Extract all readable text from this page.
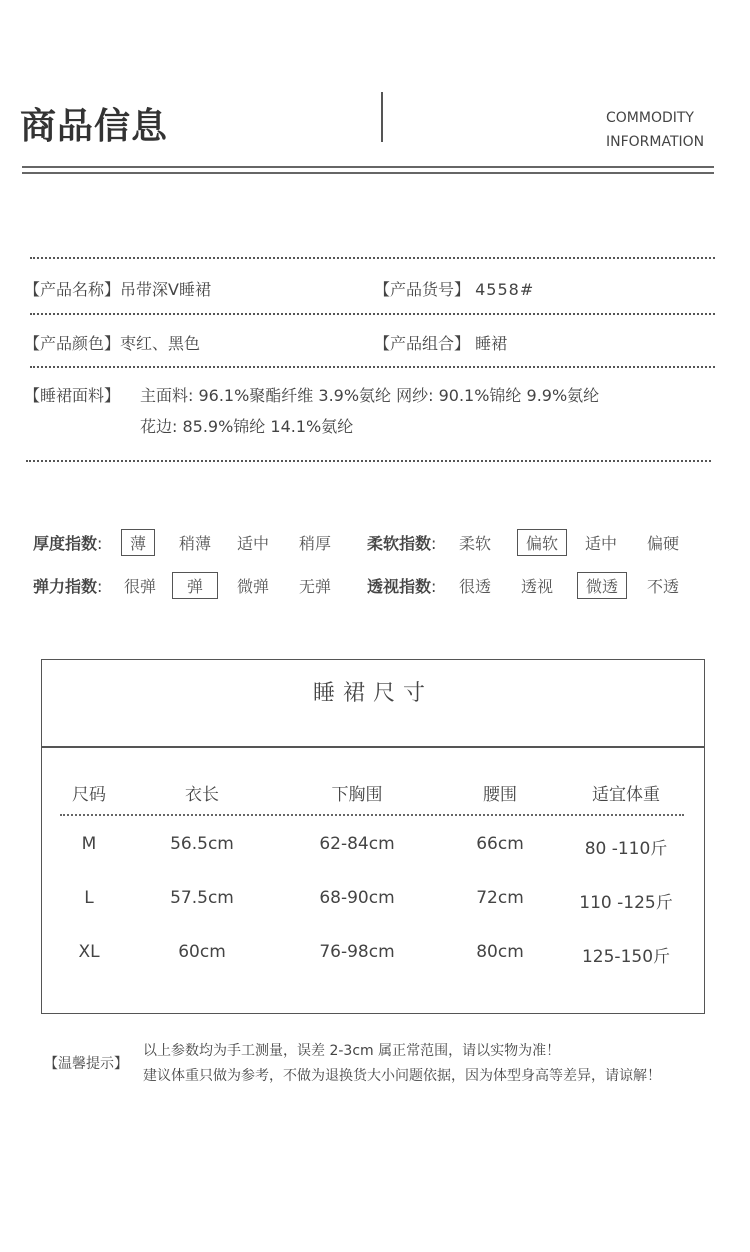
商品信息	COMMODITY
INFORMATION
【产品名称】吊带深V睡裙	【产品货号】 4558#
【产品颜色】枣红、黑色	【产品组合】 睡裙
【睡裙面料】 主面料: 96.1%聚酯纤维 3.9%氨纶 网纱: 90.1%锦纶 9.9%氨纶
花边: 85.9%锦纶 14.1%氨纶
厚度指数:	薄	稍薄 适中 稍厚 柔软指数: 柔软	偏软	适中 偏硬
弹力指数: 很弹	弹	微弹 无弹 透视指数: 很透 透视	微透	不透
睡裙尺寸
尺码	衣长	下胸围	腰围	适宜体重
M	56.5cm	62-84cm	66cm	80 -110斤
L	57.5cm	68-90cm	72cm	110 -125斤
XL	60cm	76-98cm	80cm	125-150斤
【温馨提示】
以上参数均为手工测量，误差 2-3cm 属正常范围，请以实物为准！
建议体重只做为参考，不做为退换货大小问题依据，因为体型身高等差异，请谅解！
